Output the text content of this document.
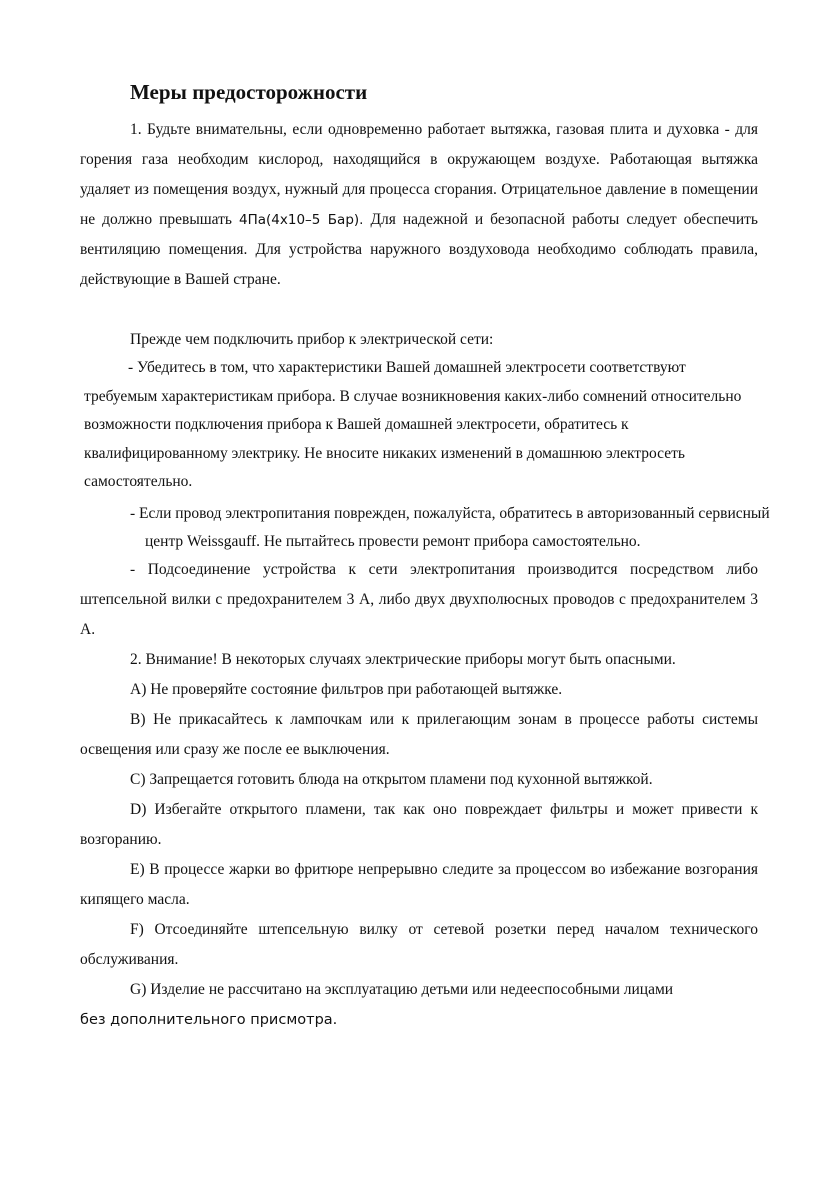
Меры предосторожности

1. Будьте внимательны, если одновременно работает вытяжка, газовая плита и духовка - для горения газа необходим кислород, находящийся в окружающем воздухе. Работающая вытяжка удаляет из помещения воздух, нужный для процесса сгорания. Отрицательное давление в помещении не должно превышать 4Па(4х10–5 Бар). Для надежной и безопасной работы следует обеспечить вентиляцию помещения. Для устройства наружного воздуховода необходимо соблюдать правила, действующие в Вашей стране.

Прежде чем подключить прибор к электрической сети:

- Убедитесь в том, что характеристики Вашей домашней электросети соответствуют требуемым характеристикам прибора. В случае возникновения каких-либо сомнений относительно возможности подключения прибора к Вашей домашней электросети, обратитесь к квалифицированному электрику. Не вносите никаких изменений в домашнюю электросеть самостоятельно.

- Если провод электропитания поврежден, пожалуйста, обратитесь в авторизованный сервисный центр Weissgauff. Не пытайтесь провести ремонт прибора самостоятельно.

- Подсоединение устройства к сети электропитания производится посредством либо штепсельной вилки с предохранителем 3 А, либо двух двухполюсных проводов с предохранителем 3 А.

2. Внимание! В некоторых случаях электрические приборы могут быть опасными.

A) Не проверяйте состояние фильтров при работающей вытяжке.

B) Не прикасайтесь к лампочкам или к прилегающим зонам в процессе работы системы освещения или сразу же после ее выключения.

C) Запрещается готовить блюда на открытом пламени под кухонной вытяжкой.

D) Избегайте открытого пламени, так как оно повреждает фильтры и может привести к возгоранию.

E) В процессе жарки во фритюре непрерывно следите за процессом во избежание возгорания кипящего масла.

F) Отсоединяйте штепсельную вилку от сетевой розетки перед началом технического обслуживания.

G) Изделие не рассчитано на эксплуатацию детьми или недееспособными лицами
без дополнительного присмотра.
